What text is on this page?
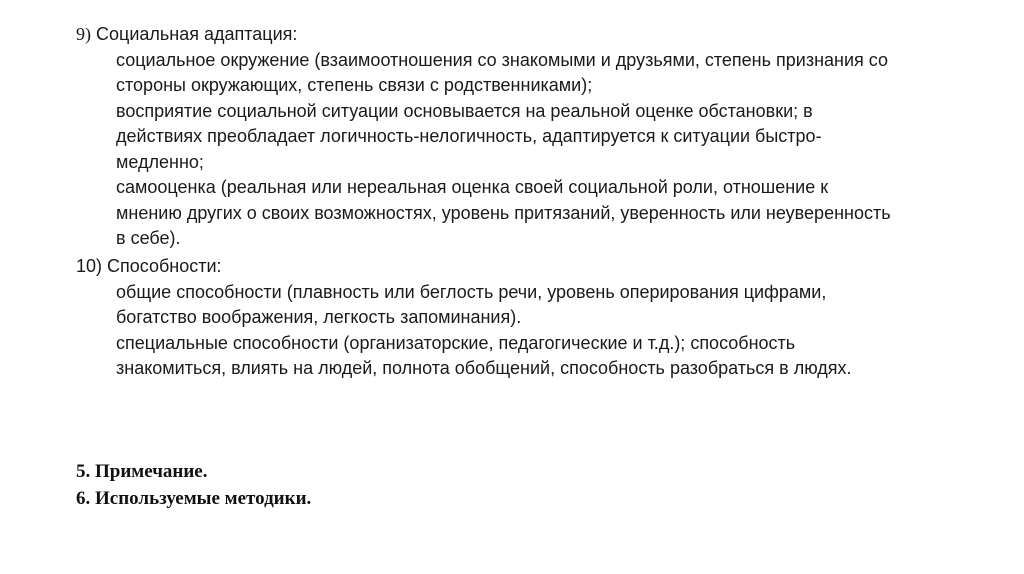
9) Социальная адаптация:
социальное окружение (взаимоотношения со знакомыми и друзьями, степень признания со стороны окружающих, степень связи с родственниками);
восприятие социальной ситуации основывается на реальной оценке обстановки; в действиях преобладает логичность-нелогичность, адаптируется к ситуации быстро-медленно;
самооценка (реальная или нереальная оценка своей социальной роли, отношение к мнению других о своих возможностях, уровень притязаний, уверенность или неуверенность в себе).
10) Способности:
общие способности (плавность или беглость речи, уровень оперирования цифрами, богатство воображения, легкость запоминания).
специальные способности (организаторские, педагогические и т.д.); способность знакомиться, влиять на людей, полнота обобщений, способность разобраться в людях.
5. Примечание.
6. Используемые методики.
